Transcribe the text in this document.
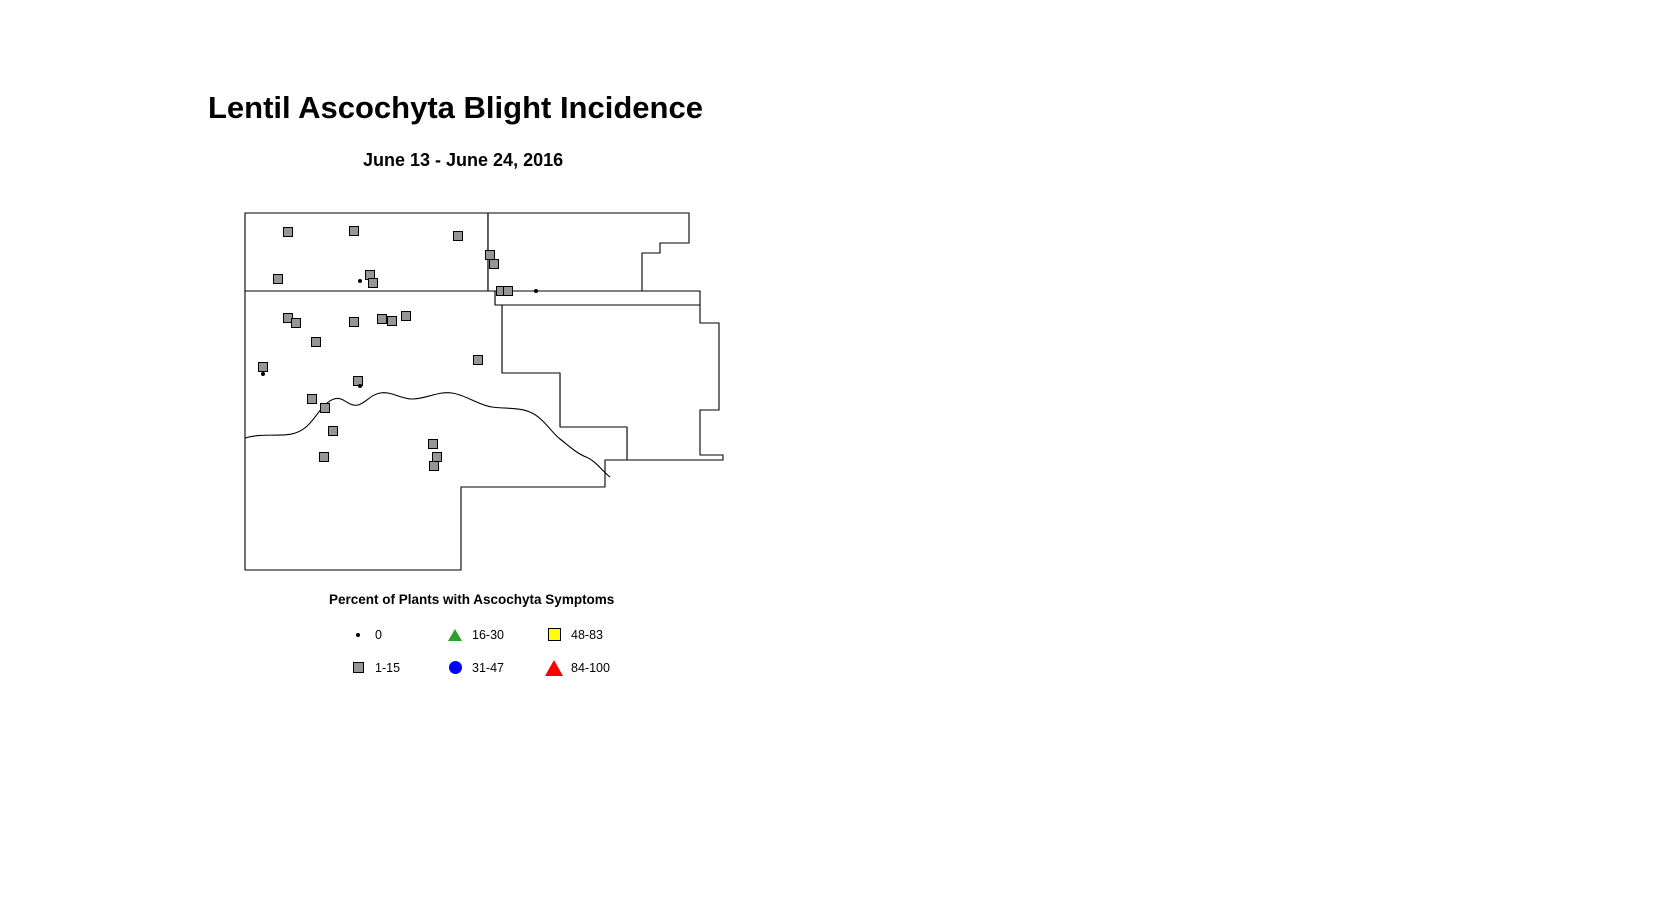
Lentil Ascochyta Blight Incidence
June 13 - June 24, 2016
Percent of Plants with Ascochyta Symptoms
0
1-15
16-30
31-47
48-83
84-100
